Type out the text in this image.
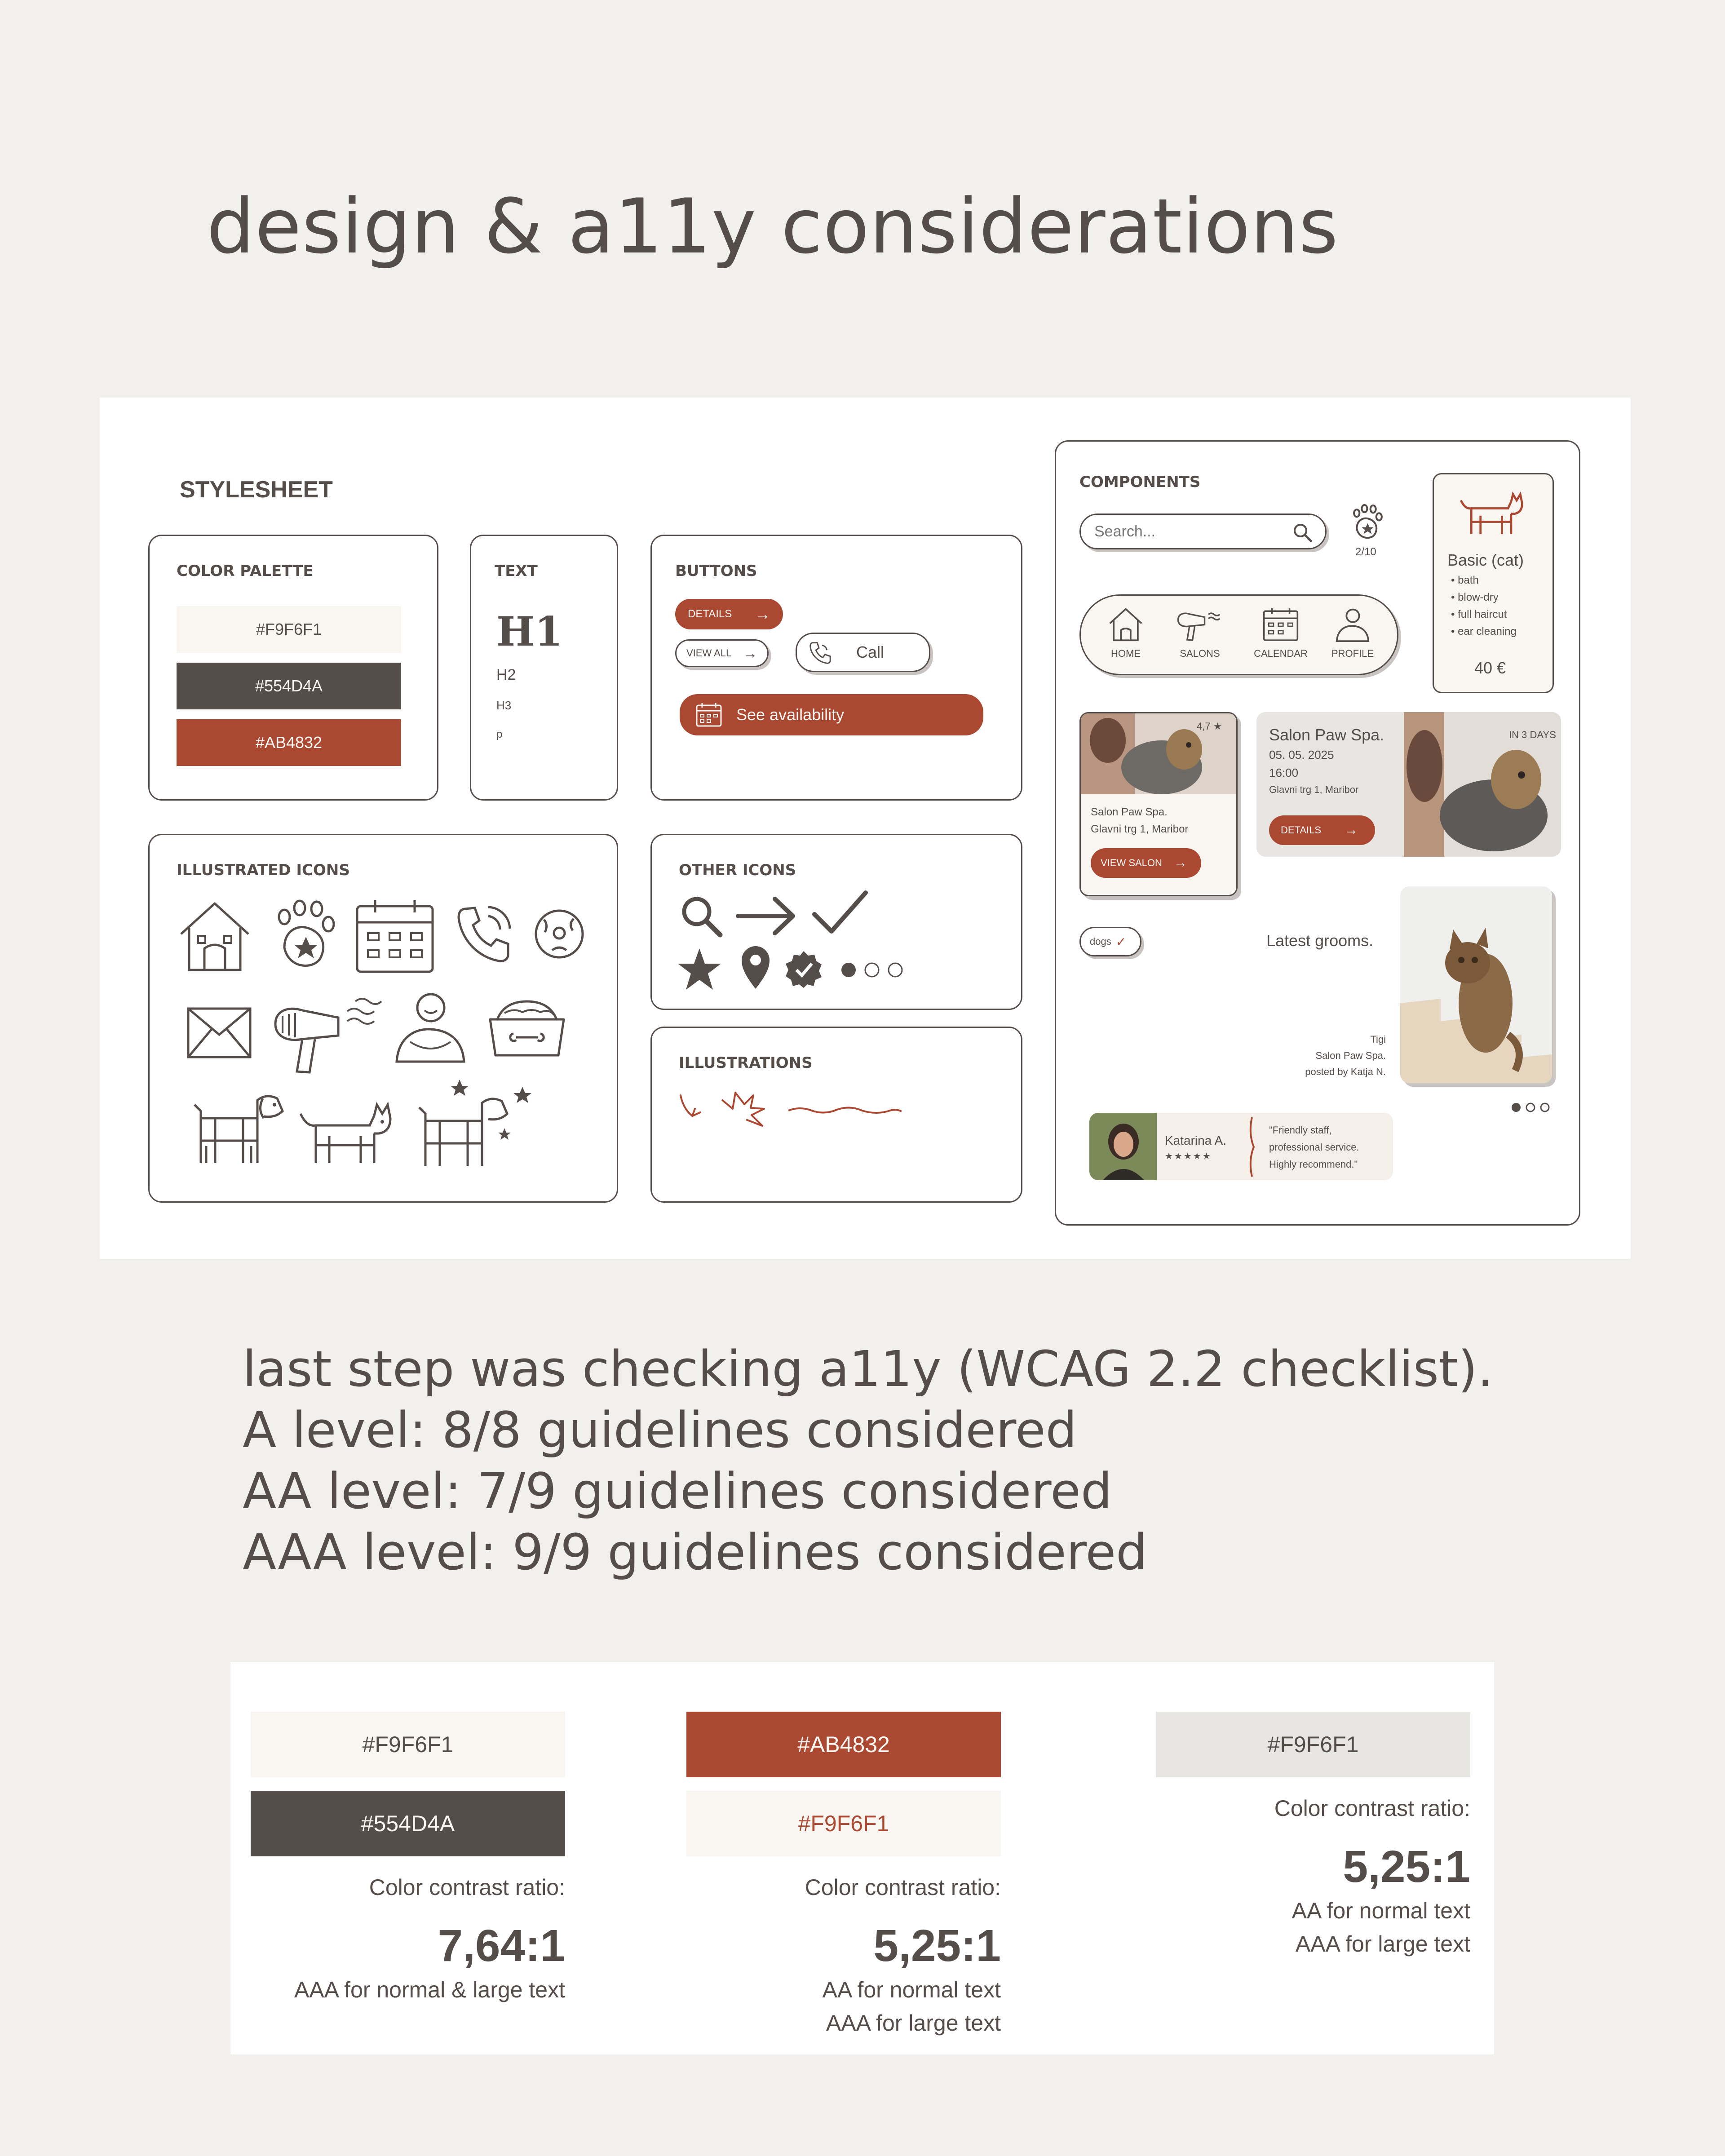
design & a11y considerations
STYLESHEET
COLOR PALETTE
#F9F6F1
#554D4A
#AB4832
TEXT
H1
H2
H3
p
BUTTONS
DETAILS →
VIEW ALL →	Call
See availability
ILLUSTRATED ICONS	OTHER ICONS
ILLUSTRATIONS
COMPONENTS
Search...
2/10	Basic (cat)
• bath
• blow-dry
• full haircut
• ear cleaning
40 €
HOME	SALONS	CALENDAR	PROFILE
4,7 ★
Salon Paw Spa.
Glavni trg 1, Maribor
VIEW SALON →
IN 3 DAYS
Salon Paw Spa.
05. 05. 2025
16:00
Glavni trg 1, Maribor
DETAILS →
dogs ✓	Latest grooms.
Tigi
Salon Paw Spa.
posted by Katja N.
Katarina A.
★★★★★
"Friendly staff,
professional service.
Highly recommend."
last step was checking a11y (WCAG 2.2 checklist).
A level: 8/8 guidelines considered
AA level: 7/9 guidelines considered
AAA level: 9/9 guidelines considered
#F9F6F1
#554D4A
Color contrast ratio:
7,64:1
AAA for normal & large text
#AB4832
#F9F6F1
Color contrast ratio:
5,25:1
AA for normal text
AAA for large text
#F9F6F1
Color contrast ratio:
5,25:1
AA for normal text
AAA for large text
